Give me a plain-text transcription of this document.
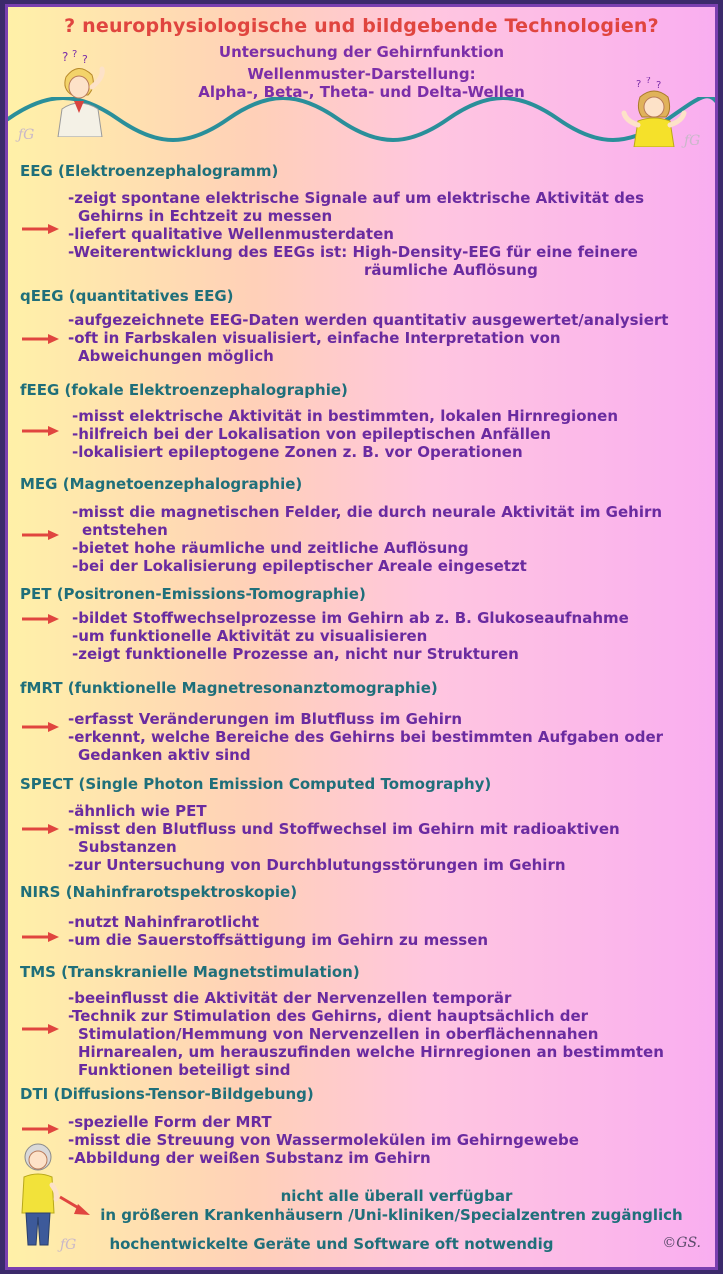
? neurophysiologische und bildgebende Technologien?
Untersuchung der Gehirnfunktion
Wellenmuster-Darstellung:
Alpha-, Beta-, Theta- und Delta-Wellen
? ? ?
? ? ?
ƒG	ƒG
EEG (Elektroenzephalogramm)
-zeigt spontane elektrische Signale auf um elektrische Aktivität des
Gehirns in Echtzeit zu messen
-liefert qualitative Wellenmusterdaten
-Weiterentwicklung des EEGs ist: High-Density-EEG für eine feinere
räumliche Auflösung
qEEG (quantitatives EEG)
-aufgezeichnete EEG-Daten werden quantitativ ausgewertet/analysiert
-oft in Farbskalen visualisiert, einfache Interpretation von
Abweichungen möglich
fEEG (fokale Elektroenzephalographie)
-misst elektrische Aktivität in bestimmten, lokalen Hirnregionen
-hilfreich bei der Lokalisation von epileptischen Anfällen
-lokalisiert epileptogene Zonen z. B. vor Operationen
MEG (Magnetoenzephalographie)
-misst die magnetischen Felder, die durch neurale Aktivität im Gehirn
entstehen
-bietet hohe räumliche und zeitliche Auflösung
-bei der Lokalisierung epileptischer Areale eingesetzt
PET (Positronen-Emissions-Tomographie)
-bildet Stoffwechselprozesse im Gehirn ab z. B. Glukoseaufnahme
-um funktionelle Aktivität zu visualisieren
-zeigt funktionelle Prozesse an, nicht nur Strukturen
fMRT (funktionelle Magnetresonanztomographie)
-erfasst Veränderungen im Blutfluss im Gehirn
-erkennt, welche Bereiche des Gehirns bei bestimmten Aufgaben oder
Gedanken aktiv sind
SPECT (Single Photon Emission Computed Tomography)
-ähnlich wie PET
-misst den Blutfluss und Stoffwechsel im Gehirn mit radioaktiven
Substanzen
-zur Untersuchung von Durchblutungsstörungen im Gehirn
NIRS (Nahinfrarotspektroskopie)
-nutzt Nahinfrarotlicht
-um die Sauerstoffsättigung im Gehirn zu messen
TMS (Transkranielle Magnetstimulation)
-beeinflusst die Aktivität der Nervenzellen temporär
-Technik zur Stimulation des Gehirns, dient hauptsächlich der
Stimulation/Hemmung von Nervenzellen in oberflächennahen
Hirnarealen, um herauszufinden welche Hirnregionen an bestimmten
Funktionen beteiligt sind
DTI (Diffusions-Tensor-Bildgebung)
-spezielle Form der MRT
-misst die Streuung von Wassermolekülen im Gehirngewebe
-Abbildung der weißen Substanz im Gehirn
nicht alle überall verfügbar
in größeren Krankenhäusern /Uni-kliniken/Specialzentren zugänglich
hochentwickelte Geräte und Software oft notwendig	©GS.
ƒG
